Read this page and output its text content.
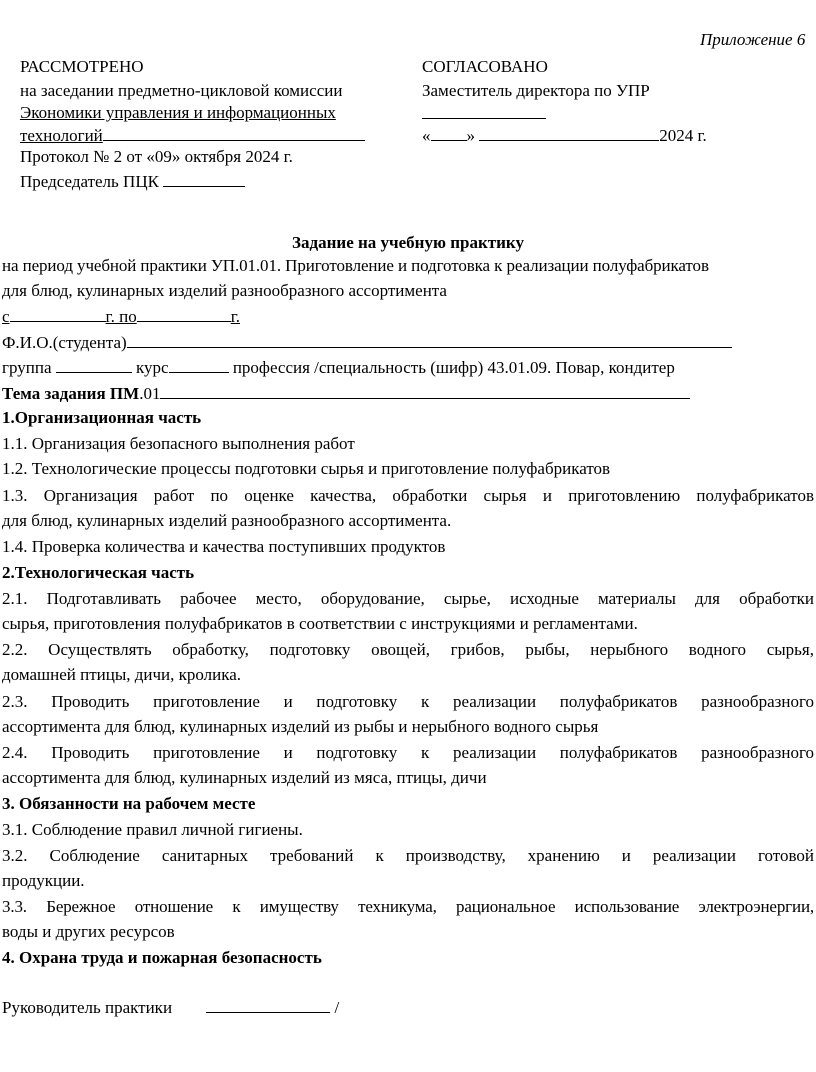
Приложение 6
РАССМОТРЕНО
на заседании предметно-цикловой комиссии
Экономики управления и информационных
технологий
Протокол № 2 от «09» октября 2024 г.
Председатель ПЦК
СОГЛАСОВАНО
Заместитель директора по УПР
« »	2024 г.
Задание на учебную практику
на период учебной практики УП.01.01. Приготовление и подготовка к реализации полуфабрикатов
для блюд, кулинарных изделий разнообразного ассортимента
с	г. по	г.
Ф.И.О.(студента)
группа	курс	профессия /специальность (шифр) 43.01.09. Повар, кондитер
Тема задания ПМ.01
1.Организационная часть
1.1. Организация безопасного выполнения работ
1.2. Технологические процессы подготовки сырья и приготовление полуфабрикатов
1.3. Организация работ по оценке качества, обработки сырья и приготовлению полуфабрикатов
для блюд, кулинарных изделий разнообразного ассортимента.
1.4. Проверка количества и качества поступивших продуктов
2.Технологическая часть
2.1. Подготавливать рабочее место, оборудование, сырье, исходные материалы для обработки
сырья, приготовления полуфабрикатов в соответствии с инструкциями и регламентами.
2.2. Осуществлять обработку, подготовку овощей, грибов, рыбы, нерыбного водного сырья,
домашней птицы, дичи, кролика.
2.3. Проводить приготовление и подготовку к реализации полуфабрикатов разнообразного
ассортимента для блюд, кулинарных изделий из рыбы и нерыбного водного сырья
2.4. Проводить приготовление и подготовку к реализации полуфабрикатов разнообразного
ассортимента для блюд, кулинарных изделий из мяса, птицы, дичи
3. Обязанности на рабочем месте
3.1. Соблюдение правил личной гигиены.
3.2. Соблюдение санитарных требований к производству, хранению и реализации готовой
продукции.
3.3. Бережное отношение к имуществу техникума, рациональное использование электроэнергии,
воды и других ресурсов
4. Охрана труда и пожарная безопасность
Руководитель практики	/
